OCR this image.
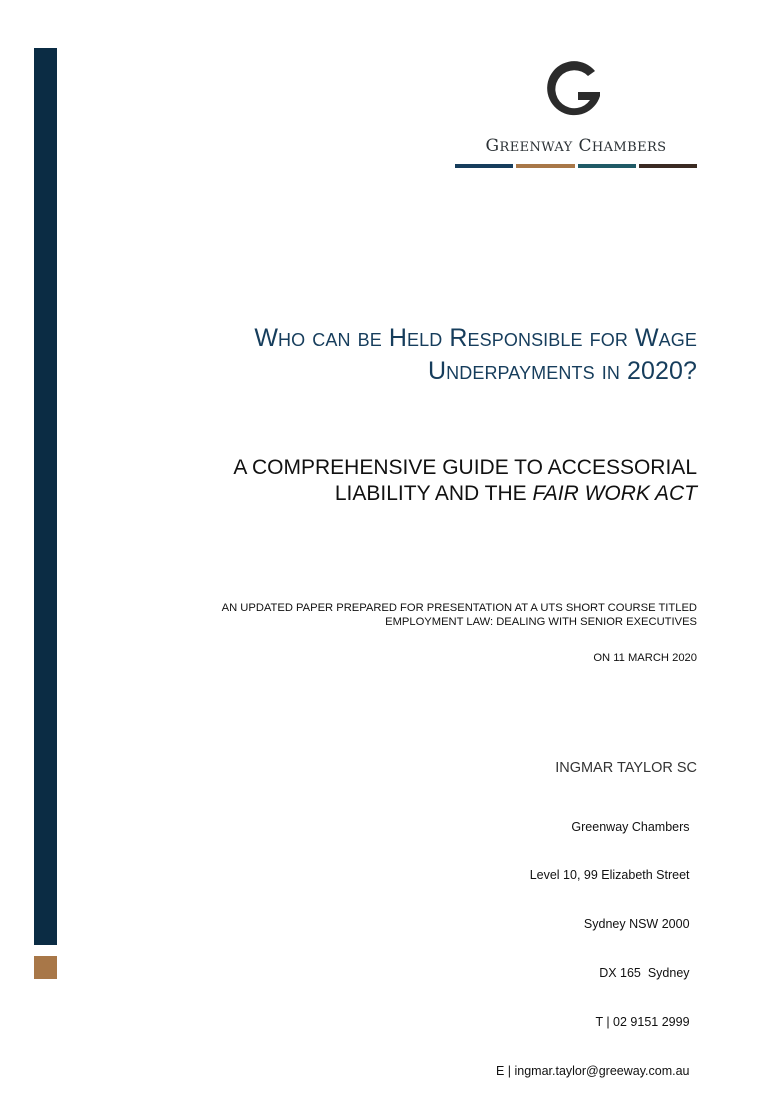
GREENWAY CHAMBERS
Who can be Held Responsible for Wage
Underpayments in 2020?
A COMPREHENSIVE GUIDE TO ACCESSORIAL
LIABILITY AND THE FAIR WORK ACT
AN UPDATED PAPER PREPARED FOR PRESENTATION AT A UTS SHORT COURSE TITLED
EMPLOYMENT LAW: DEALING WITH SENIOR EXECUTIVES
ON 11 MARCH 2020
INGMAR TAYLOR SC

Greenway Chambers

Level 10, 99 Elizabeth Street

Sydney NSW 2000

DX 165  Sydney

T | 02 9151 2999

E | ingmar.taylor@greeway.com.au
